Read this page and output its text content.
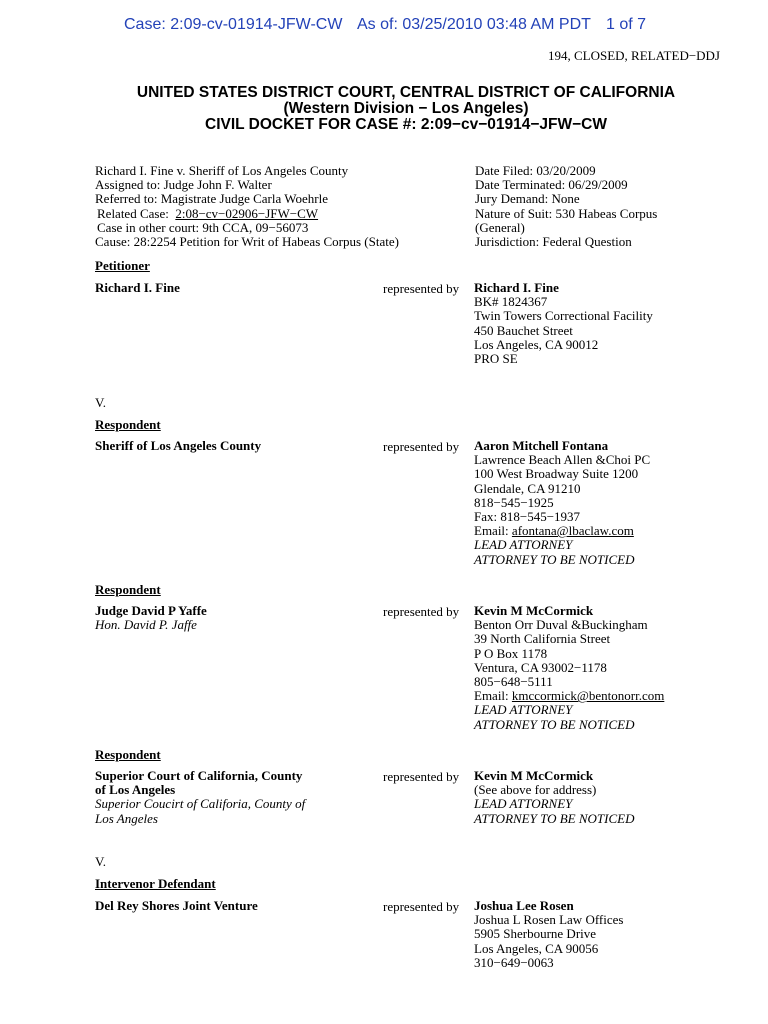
Case: 2:09-cv-01914-JFW-CW As of: 03/25/2010 03:48 AM PDT 1 of 7
194, CLOSED, RELATED−DDJ
UNITED STATES DISTRICT COURT, CENTRAL DISTRICT OF CALIFORNIA
(Western Division − Los Angeles)
CIVIL DOCKET FOR CASE #: 2:09−cv−01914−JFW−CW
Richard I. Fine v. Sheriff of Los Angeles County
Assigned to: Judge John F. Walter
Referred to: Magistrate Judge Carla Woehrle
Related Case: 2:08−cv−02906−JFW−CW
Case in other court: 9th CCA, 09−56073
Cause: 28:2254 Petition for Writ of Habeas Corpus (State)
Date Filed: 03/20/2009
Date Terminated: 06/29/2009
Jury Demand: None
Nature of Suit: 530 Habeas Corpus
(General)
Jurisdiction: Federal Question
Petitioner
Richard I. Fine	represented by Richard I. Fine
BK# 1824367
Twin Towers Correctional Facility
450 Bauchet Street
Los Angeles, CA 90012
PRO SE
V.
Respondent
Sheriff of Los Angeles County	represented by Aaron Mitchell Fontana
Lawrence Beach Allen &Choi PC
100 West Broadway Suite 1200
Glendale, CA 91210
818−545−1925
Fax: 818−545−1937
Email: afontana@lbaclaw.com
LEAD ATTORNEY
ATTORNEY TO BE NOTICED
Respondent
Judge David P Yaffe
Hon. David P. Jaffe
represented by Kevin M McCormick
Benton Orr Duval &Buckingham
39 North California Street
P O Box 1178
Ventura, CA 93002−1178
805−648−5111
Email: kmccormick@bentonorr.com
LEAD ATTORNEY
ATTORNEY TO BE NOTICED
Respondent
Superior Court of California, County
of Los Angeles
Superior Coucirt of Califoria, County of
Los Angeles
represented by Kevin M McCormick
(See above for address)
LEAD ATTORNEY
ATTORNEY TO BE NOTICED
V.
Intervenor Defendant
Del Rey Shores Joint Venture	represented by Joshua Lee Rosen
Joshua L Rosen Law Offices
5905 Sherbourne Drive
Los Angeles, CA 90056
310−649−0063
